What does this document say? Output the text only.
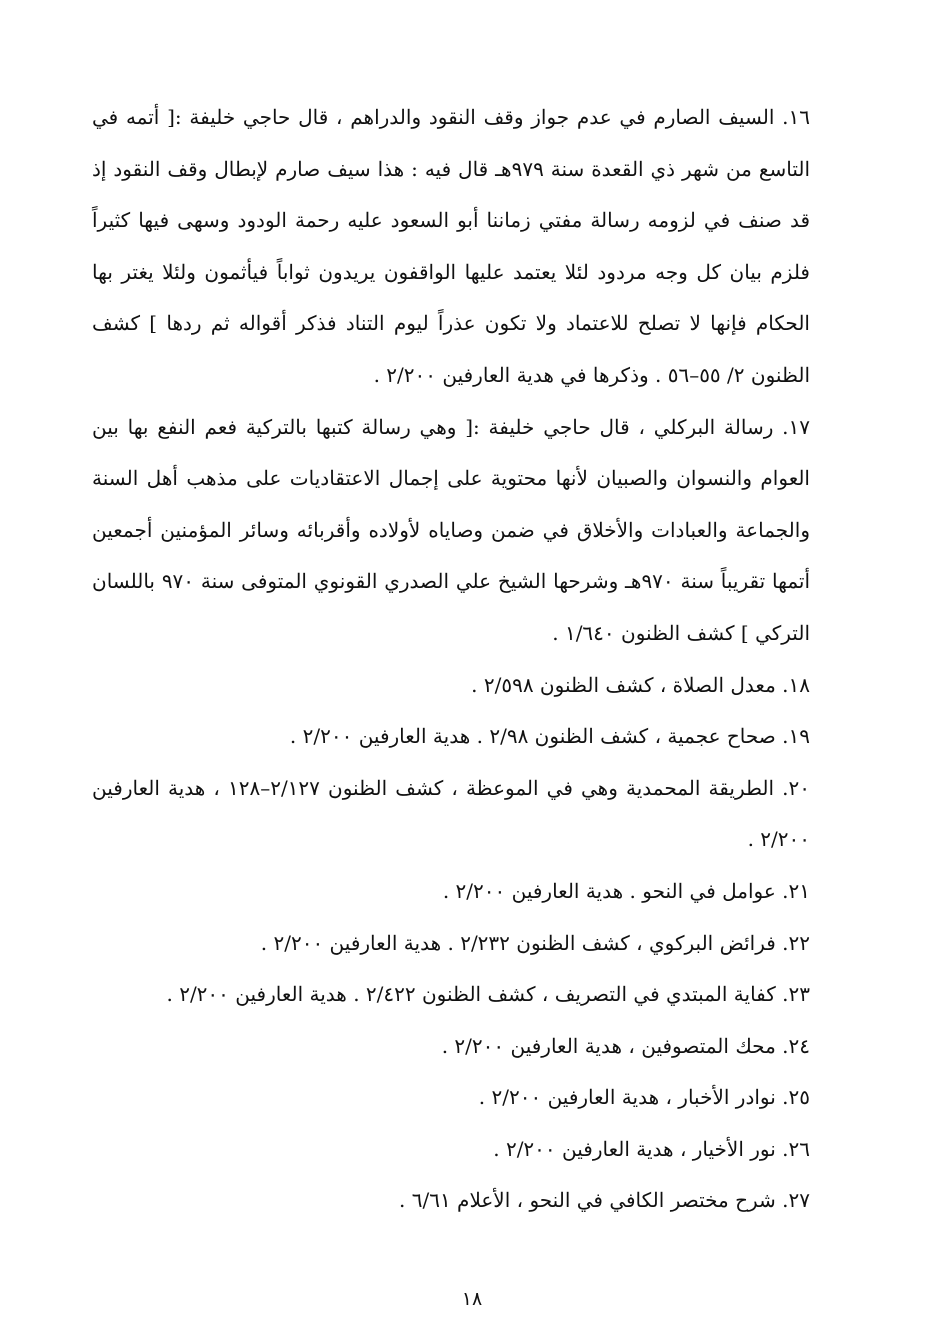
١٦. السيف الصارم في عدم جواز وقف النقود والدراهم ، قال حاجي خليفة :[ أتمه في التاسع من شهر ذي القعدة سنة ٩٧٩هـ قال فيه : هذا سيف صارم لإبطال وقف النقود إذ قد صنف في لزومه رسالة مفتي زماننا أبو السعود عليه رحمة الودود وسهى فيها كثيراً فلزم بيان كل وجه مردود لئلا يعتمد عليها الواقفون يريدون ثواباً فيأثمون ولئلا يغتر بها الحكام فإنها لا تصلح للاعتماد ولا تكون عذراً ليوم التناد فذكر أقواله ثم ردها ] كشف الظنون ٢/ ٥٥–٥٦ . وذكرها في هدية العارفين ٢/٢٠٠ .

١٧. رسالة البركلي ، قال حاجي خليفة :[ وهي رسالة كتبها بالتركية فعم النفع بها بين العوام والنسوان والصبيان لأنها محتوية على إجمال الاعتقاديات على مذهب أهل السنة والجماعة والعبادات والأخلاق في ضمن وصاياه لأولاده وأقربائه وسائر المؤمنين أجمعين أتمها تقريباً سنة ٩٧٠هـ وشرحها الشيخ علي الصدري القونوي المتوفى سنة ٩٧٠ باللسان التركي ] كشف الظنون ١/٦٤٠ .

١٨. معدل الصلاة ، كشف الظنون ٢/٥٩٨ .

١٩. صحاح عجمية ، كشف الظنون ٢/٩٨ . هدية العارفين ٢/٢٠٠ .

٢٠. الطريقة المحمدية وهي في الموعظة ، كشف الظنون ٢/١٢٧–١٢٨ ، هدية العارفين ٢/٢٠٠ .

٢١. عوامل في النحو . هدية العارفين ٢/٢٠٠ .

٢٢. فرائض البركوي ، كشف الظنون ٢/٢٣٢ . هدية العارفين ٢/٢٠٠ .

٢٣. كفاية المبتدي في التصريف ، كشف الظنون ٢/٤٢٢ . هدية العارفين ٢/٢٠٠ .

٢٤. محك المتصوفين ، هدية العارفين ٢/٢٠٠ .

٢٥. نوادر الأخبار ، هدية العارفين ٢/٢٠٠ .

٢٦. نور الأخيار ، هدية العارفين ٢/٢٠٠ .

٢٧. شرح مختصر الكافي في النحو ، الأعلام ٦/٦١ .

١٨
